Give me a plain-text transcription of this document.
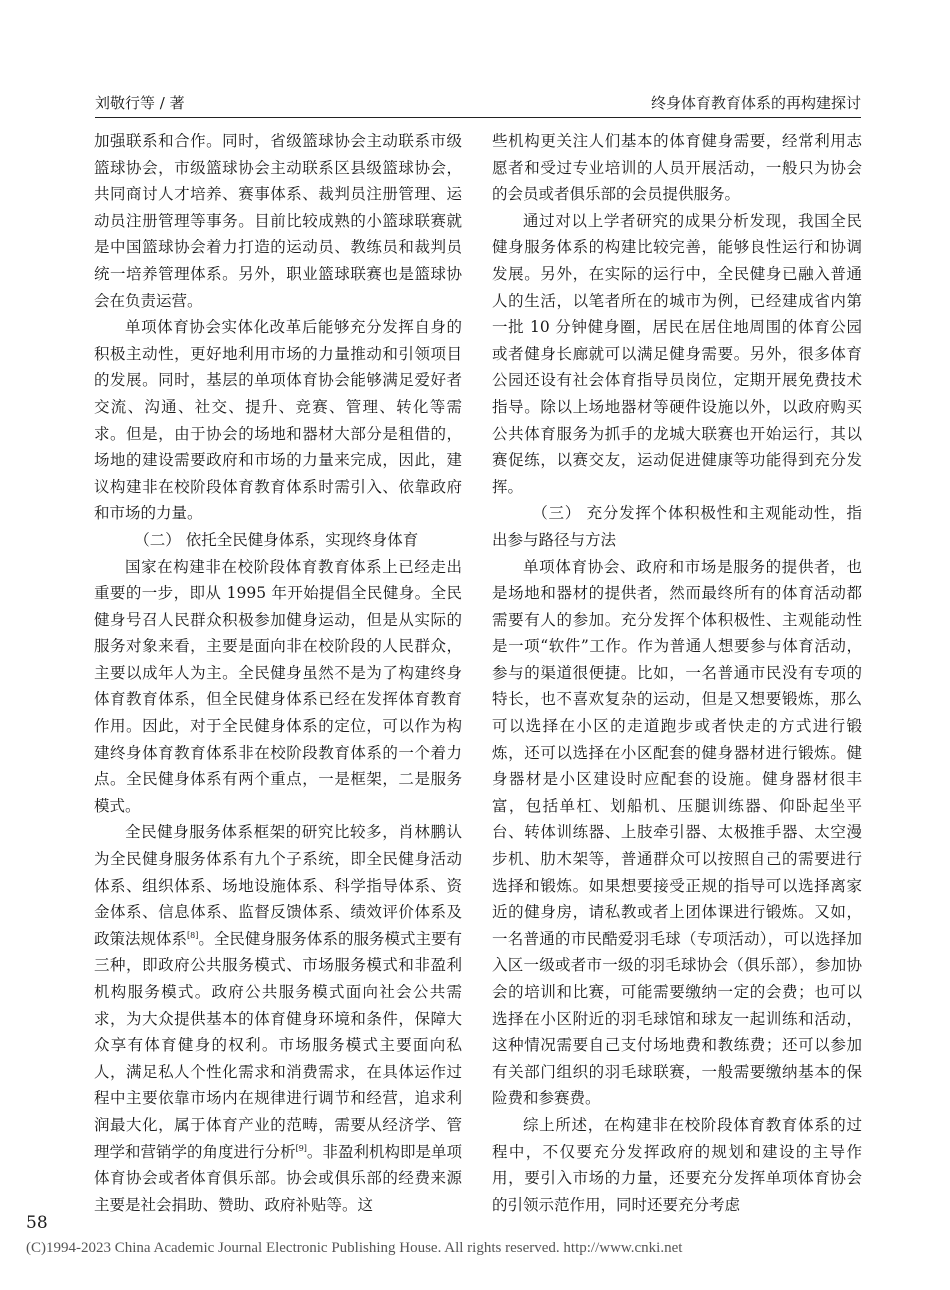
刘敬行等 / 著	终身体育教育体系的再构建探讨

加强联系和合作。同时，省级篮球协会主动联系市级篮球协会，市级篮球协会主动联系区县级篮球协会，共同商讨人才培养、赛事体系、裁判员注册管理、运动员注册管理等事务。目前比较成熟的小篮球联赛就是中国篮球协会着力打造的运动员、教练员和裁判员统一培养管理体系。另外，职业篮球联赛也是篮球协会在负责运营。

单项体育协会实体化改革后能够充分发挥自身的积极主动性，更好地利用市场的力量推动和引领项目的发展。同时，基层的单项体育协会能够满足爱好者交流、沟通、社交、提升、竞赛、管理、转化等需求。但是，由于协会的场地和器材大部分是租借的，场地的建设需要政府和市场的力量来完成，因此，建议构建非在校阶段体育教育体系时需引入、依靠政府和市场的力量。

（二） 依托全民健身体系，实现终身体育

国家在构建非在校阶段体育教育体系上已经走出重要的一步，即从 1995 年开始提倡全民健身。全民健身号召人民群众积极参加健身运动，但是从实际的服务对象来看，主要是面向非在校阶段的人民群众，主要以成年人为主。全民健身虽然不是为了构建终身体育教育体系，但全民健身体系已经在发挥体育教育作用。因此，对于全民健身体系的定位，可以作为构建终身体育教育体系非在校阶段教育体系的一个着力点。全民健身体系有两个重点，一是框架，二是服务模式。

全民健身服务体系框架的研究比较多，肖林鹏认为全民健身服务体系有九个子系统，即全民健身活动体系、组织体系、场地设施体系、科学指导体系、资金体系、信息体系、监督反馈体系、绩效评价体系及政策法规体系[8]。全民健身服务体系的服务模式主要有三种，即政府公共服务模式、市场服务模式和非盈利机构服务模式。政府公共服务模式面向社会公共需求，为大众提供基本的体育健身环境和条件，保障大众享有体育健身的权利。市场服务模式主要面向私人，满足私人个性化需求和消费需求，在具体运作过程中主要依靠市场内在规律进行调节和经营，追求利润最大化，属于体育产业的范畴，需要从经济学、管理学和营销学的角度进行分析[9]。非盈利机构即是单项体育协会或者体育俱乐部。协会或俱乐部的经费来源主要是社会捐助、赞助、政府补贴等。这

些机构更关注人们基本的体育健身需要，经常利用志愿者和受过专业培训的人员开展活动，一般只为协会的会员或者俱乐部的会员提供服务。

通过对以上学者研究的成果分析发现，我国全民健身服务体系的构建比较完善，能够良性运行和协调发展。另外，在实际的运行中，全民健身已融入普通人的生活，以笔者所在的城市为例，已经建成省内第一批 10 分钟健身圈，居民在居住地周围的体育公园或者健身长廊就可以满足健身需要。另外，很多体育公园还设有社会体育指导员岗位，定期开展免费技术指导。除以上场地器材等硬件设施以外，以政府购买公共体育服务为抓手的龙城大联赛也开始运行，其以赛促练，以赛交友，运动促进健康等功能得到充分发挥。

（三） 充分发挥个体积极性和主观能动性，指出参与路径与方法

单项体育协会、政府和市场是服务的提供者，也是场地和器材的提供者，然而最终所有的体育活动都需要有人的参加。充分发挥个体积极性、主观能动性是一项“软件”工作。作为普通人想要参与体育活动，参与的渠道很便捷。比如，一名普通市民没有专项的特长，也不喜欢复杂的运动，但是又想要锻炼，那么可以选择在小区的走道跑步或者快走的方式进行锻炼，还可以选择在小区配套的健身器材进行锻炼。健身器材是小区建设时应配套的设施。健身器材很丰富，包括单杠、划船机、压腿训练器、仰卧起坐平台、转体训练器、上肢牵引器、太极推手器、太空漫步机、肋木架等，普通群众可以按照自己的需要进行选择和锻炼。如果想要接受正规的指导可以选择离家近的健身房，请私教或者上团体课进行锻炼。又如，一名普通的市民酷爱羽毛球（专项活动），可以选择加入区一级或者市一级的羽毛球协会（俱乐部），参加协会的培训和比赛，可能需要缴纳一定的会费；也可以选择在小区附近的羽毛球馆和球友一起训练和活动，这种情况需要自己支付场地费和教练费；还可以参加有关部门组织的羽毛球联赛，一般需要缴纳基本的保险费和参赛费。

综上所述，在构建非在校阶段体育教育体系的过程中，不仅要充分发挥政府的规划和建设的主导作用，要引入市场的力量，还要充分发挥单项体育协会的引领示范作用，同时还要充分考虑

58
(C)1994-2023 China Academic Journal Electronic Publishing House. All rights reserved. http://www.cnki.net
